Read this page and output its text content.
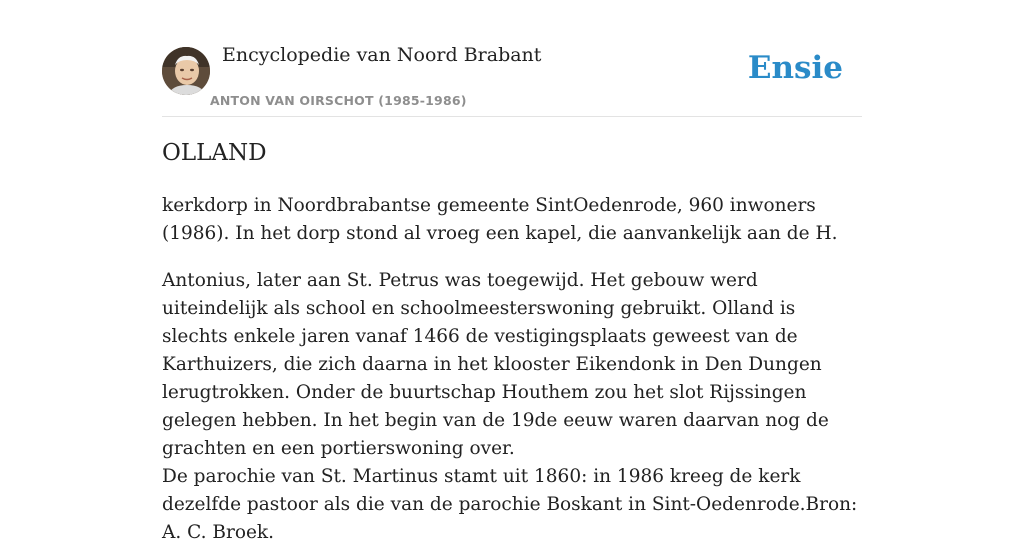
Encyclopedie van Noord Brabant
ANTON VAN OIRSCHOT (1985-1986)
Ensie
OLLAND

kerkdorp in Noordbrabantse gemeente SintOedenrode, 960 inwoners (1986). In het dorp stond al vroeg een kapel, die aanvankelijk aan de H.

Antonius, later aan St. Petrus was toegewijd. Het gebouw werd uiteindelijk als school en schoolmeesterswoning gebruikt. Olland is slechts enkele jaren vanaf 1466 de vestigingsplaats geweest van de Karthuizers, die zich daarna in het klooster Eikendonk in Den Dungen lerugtrokken. Onder de buurtschap Houthem zou het slot Rijssingen gelegen hebben. In het begin van de 19de eeuw waren daarvan nog de grachten en een portierswoning over.

De parochie van St. Martinus stamt uit 1860: in 1986 kreeg de kerk dezelfde pastoor als die van de parochie Boskant in Sint-Oedenrode.Bron: A. C. Broek.
